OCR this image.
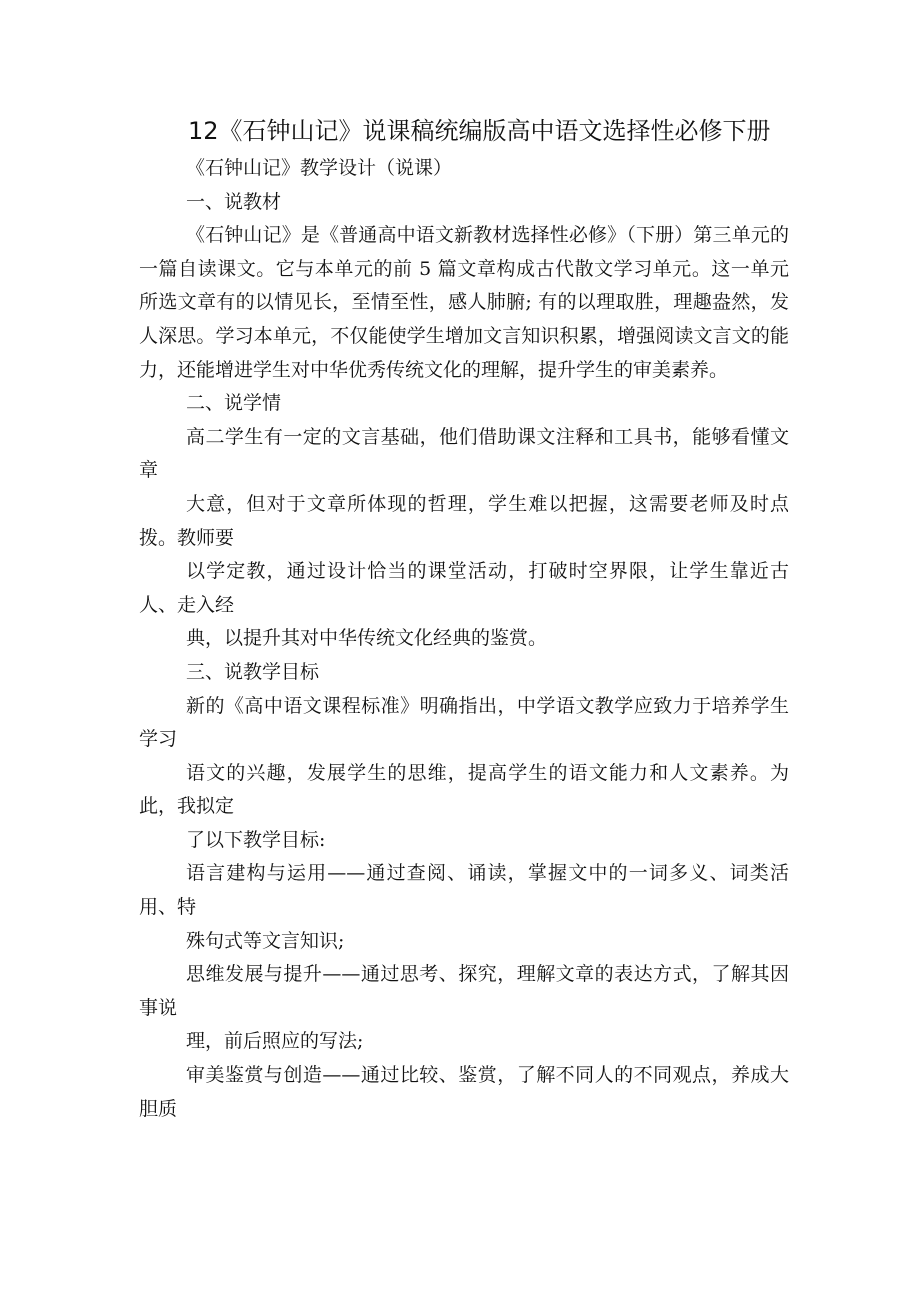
12《石钟山记》说课稿统编版高中语文选择性必修下册

《石钟山记》教学设计（说课）

一、说教材

《石钟山记》是《普通高中语文新教材选择性必修》（下册）第三单元的一篇自读课文。它与本单元的前 5 篇文章构成古代散文学习单元。这一单元所选文章有的以情见长，至情至性，感人肺腑; 有的以理取胜，理趣盎然，发人深思。学习本单元，不仅能使学生增加文言知识积累，增强阅读文言文的能力，还能增进学生对中华优秀传统文化的理解，提升学生的审美素养。

二、说学情

高二学生有一定的文言基础，他们借助课文注释和工具书，能够看懂文章

大意，但对于文章所体现的哲理，学生难以把握，这需要老师及时点拨。教师要

以学定教，通过设计恰当的课堂活动，打破时空界限，让学生靠近古人、走入经

典，以提升其对中华传统文化经典的鉴赏。

三、说教学目标

新的《高中语文课程标准》明确指出，中学语文教学应致力于培养学生学习

语文的兴趣，发展学生的思维，提高学生的语文能力和人文素养。为此，我拟定

了以下教学目标:

语言建构与运用——通过查阅、诵读，掌握文中的一词多义、词类活用、特

殊句式等文言知识;

思维发展与提升——通过思考、探究，理解文章的表达方式，了解其因事说

理，前后照应的写法;

审美鉴赏与创造——通过比较、鉴赏，了解不同人的不同观点，养成大胆质
